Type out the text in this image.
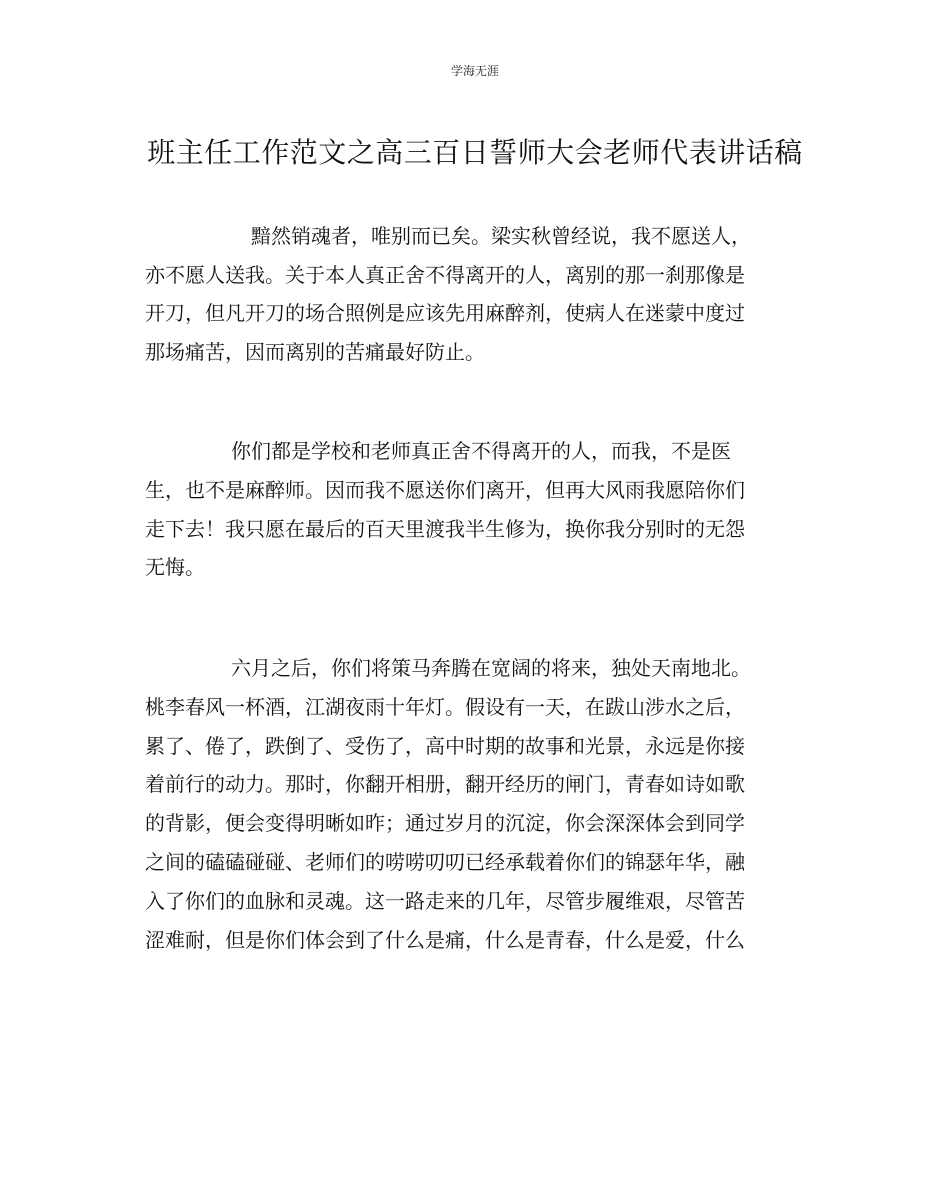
学海无涯
班主任工作范文之高三百日誓师大会老师代表讲话稿
黯然销魂者，唯别而已矣。梁实秋曾经说，我不愿送人，
亦不愿人送我。关于本人真正舍不得离开的人，离别的那一刹那像是
开刀，但凡开刀的场合照例是应该先用麻醉剂，使病人在迷蒙中度过
那场痛苦，因而离别的苦痛最好防止。
你们都是学校和老师真正舍不得离开的人，而我，不是医
生，也不是麻醉师。因而我不愿送你们离开，但再大风雨我愿陪你们
走下去！我只愿在最后的百天里渡我半生修为，换你我分别时的无怨
无悔。
六月之后，你们将策马奔腾在宽阔的将来，独处天南地北。
桃李春风一杯酒，江湖夜雨十年灯。假设有一天，在跋山涉水之后，
累了、倦了，跌倒了、受伤了，高中时期的故事和光景，永远是你接
着前行的动力。那时，你翻开相册，翻开经历的闸门，青春如诗如歌
的背影，便会变得明晰如昨；通过岁月的沉淀，你会深深体会到同学
之间的磕磕碰碰、老师们的唠唠叨叨已经承载着你们的锦瑟年华，融
入了你们的血脉和灵魂。这一路走来的几年，尽管步履维艰，尽管苦
涩难耐，但是你们体会到了什么是痛，什么是青春，什么是爱，什么
